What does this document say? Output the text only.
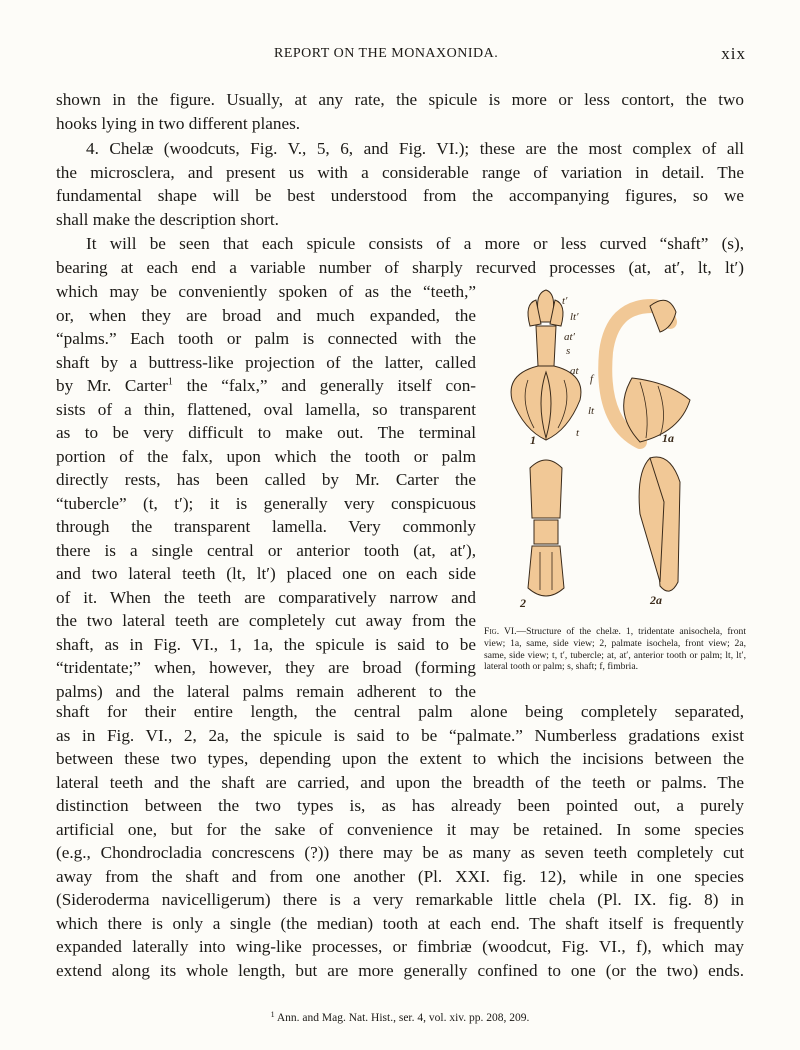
REPORT ON THE MONAXONIDA.	xix
shown in the figure. Usually, at any rate, the spicule is more or less contort, the two
hooks lying in two different planes.
4. Chelæ (woodcuts, Fig. V., 5, 6, and Fig. VI.); these are the most complex of all
the microsclera, and present us with a considerable range of variation in detail. The
fundamental shape will be best understood from the accompanying figures, so we
shall make the description short.
It will be seen that each spicule consists of a more or less curved “shaft” (s),
bearing at each end a variable number of sharply recurved processes (at, at′, lt, lt′)
which may be conveniently spoken of as the “teeth,”
or, when they are broad and much expanded, the
“palms.” Each tooth or palm is connected with the
shaft by a buttress-like projection of the latter, called
by Mr. Carter$^1$ the “falx,” and generally itself con-
sists of a thin, flattened, oval lamella, so transparent
as to be very difficult to make out. The terminal
portion of the falx, upon which the tooth or palm
directly rests, has been called by Mr. Carter the
“tubercle” (t, t′); it is generally very conspicuous
through the transparent lamella. Very commonly
there is a single central or anterior tooth (at, at′),
and two lateral teeth (lt, lt′) placed one on each side
of it. When the teeth are comparatively narrow and
the two lateral teeth are completely cut away from the
shaft, as in Fig. VI., 1, 1a, the spicule is said to be
“tridentate;” when, however, they are broad (forming
palms) and the lateral palms remain adherent to the
t′
lt′
at′
s
at
f
lt
t
1	1a
2	2a
Fig. VI.—Structure of the chelæ. 1, tridentate anisochela, front view; 1a, same, side view; 2, palmate isochela, front view; 2a, same, side view; t, t′, tubercle; at, at′, anterior tooth or palm; lt, lt′, lateral tooth or palm; s, shaft; f, fimbria.
shaft for their entire length, the central palm alone being completely separated,
as in Fig. VI., 2, 2a, the spicule is said to be “palmate.” Numberless gradations exist
between these two types, depending upon the extent to which the incisions between the
lateral teeth and the shaft are carried, and upon the breadth of the teeth or palms. The
distinction between the two types is, as has already been pointed out, a purely
artificial one, but for the sake of convenience it may be retained. In some species
(e.g., Chondrocladia concrescens (?)) there may be as many as seven teeth completely cut
away from the shaft and from one another (Pl. XXI. fig. 12), while in one species
(Sideroderma navicelligerum) there is a very remarkable little chela (Pl. IX. fig. 8) in
which there is only a single (the median) tooth at each end. The shaft itself is frequently
expanded laterally into wing-like processes, or fimbriæ (woodcut, Fig. VI., f), which may
extend along its whole length, but are more generally confined to one (or the two) ends.
$^1$ Ann. and Mag. Nat. Hist., ser. 4, vol. xiv. pp. 208, 209.
